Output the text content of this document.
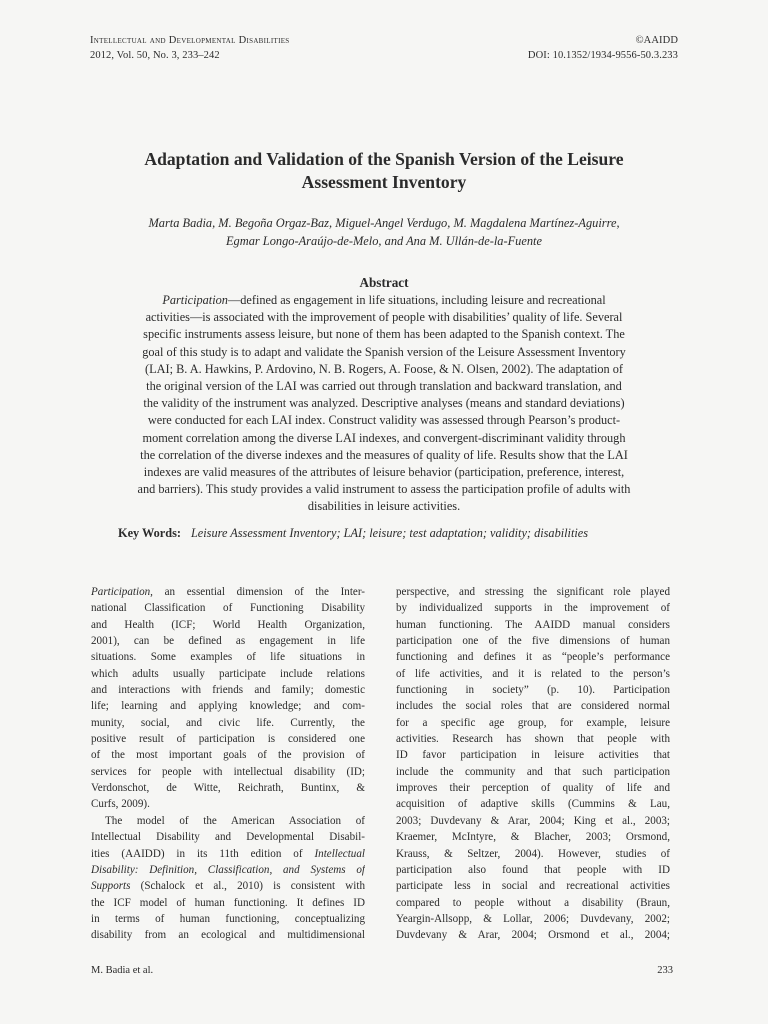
Intellectual and Developmental Disabilities	©AAIDD
2012, Vol. 50, No. 3, 233–242	DOI: 10.1352/1934-9556-50.3.233
Adaptation and Validation of the Spanish Version of the Leisure
Assessment Inventory
Marta Badia, M. Begoña Orgaz-Baz, Miguel-Angel Verdugo, M. Magdalena Martínez-Aguirre,
Egmar Longo-Araújo-de-Melo, and Ana M. Ullán-de-la-Fuente
Abstract
Participation—defined as engagement in life situations, including leisure and recreational
activities—is associated with the improvement of people with disabilities’ quality of life. Several
specific instruments assess leisure, but none of them has been adapted to the Spanish context. The
goal of this study is to adapt and validate the Spanish version of the Leisure Assessment Inventory
(LAI; B. A. Hawkins, P. Ardovino, N. B. Rogers, A. Foose, & N. Olsen, 2002). The adaptation of
the original version of the LAI was carried out through translation and backward translation, and
the validity of the instrument was analyzed. Descriptive analyses (means and standard deviations)
were conducted for each LAI index. Construct validity was assessed through Pearson’s product-
moment correlation among the diverse LAI indexes, and convergent-discriminant validity through
the correlation of the diverse indexes and the measures of quality of life. Results show that the LAI
indexes are valid measures of the attributes of leisure behavior (participation, preference, interest,
and barriers). This study provides a valid instrument to assess the participation profile of adults with
disabilities in leisure activities.
Key Words: Leisure Assessment Inventory; LAI; leisure; test adaptation; validity; disabilities
Participation, an essential dimension of the Inter-
national Classification of Functioning Disability
and Health (ICF; World Health Organization,
2001), can be defined as engagement in life
situations. Some examples of life situations in
which adults usually participate include relations
and interactions with friends and family; domestic
life; learning and applying knowledge; and com-
munity, social, and civic life. Currently, the
positive result of participation is considered one
of the most important goals of the provision of
services for people with intellectual disability (ID;
Verdonschot, de Witte, Reichrath, Buntinx, &
Curfs, 2009).
The model of the American Association of
Intellectual Disability and Developmental Disabil-
ities (AAIDD) in its 11th edition of Intellectual
Disability: Definition, Classification, and Systems of
Supports (Schalock et al., 2010) is consistent with
the ICF model of human functioning. It defines ID
in terms of human functioning, conceptualizing
disability from an ecological and multidimensional
perspective, and stressing the significant role played
by individualized supports in the improvement of
human functioning. The AAIDD manual considers
participation one of the five dimensions of human
functioning and defines it as “people’s performance
of life activities, and it is related to the person’s
functioning in society” (p. 10). Participation
includes the social roles that are considered normal
for a specific age group, for example, leisure
activities. Research has shown that people with
ID favor participation in leisure activities that
include the community and that such participation
improves their perception of quality of life and
acquisition of adaptive skills (Cummins & Lau,
2003; Duvdevany & Arar, 2004; King et al., 2003;
Kraemer, McIntyre, & Blacher, 2003; Orsmond,
Krauss, & Seltzer, 2004). However, studies of
participation also found that people with ID
participate less in social and recreational activities
compared to people without a disability (Braun,
Yeargin-Allsopp, & Lollar, 2006; Duvdevany, 2002;
Duvdevany & Arar, 2004; Orsmond et al., 2004;
M. Badia et al.	233
